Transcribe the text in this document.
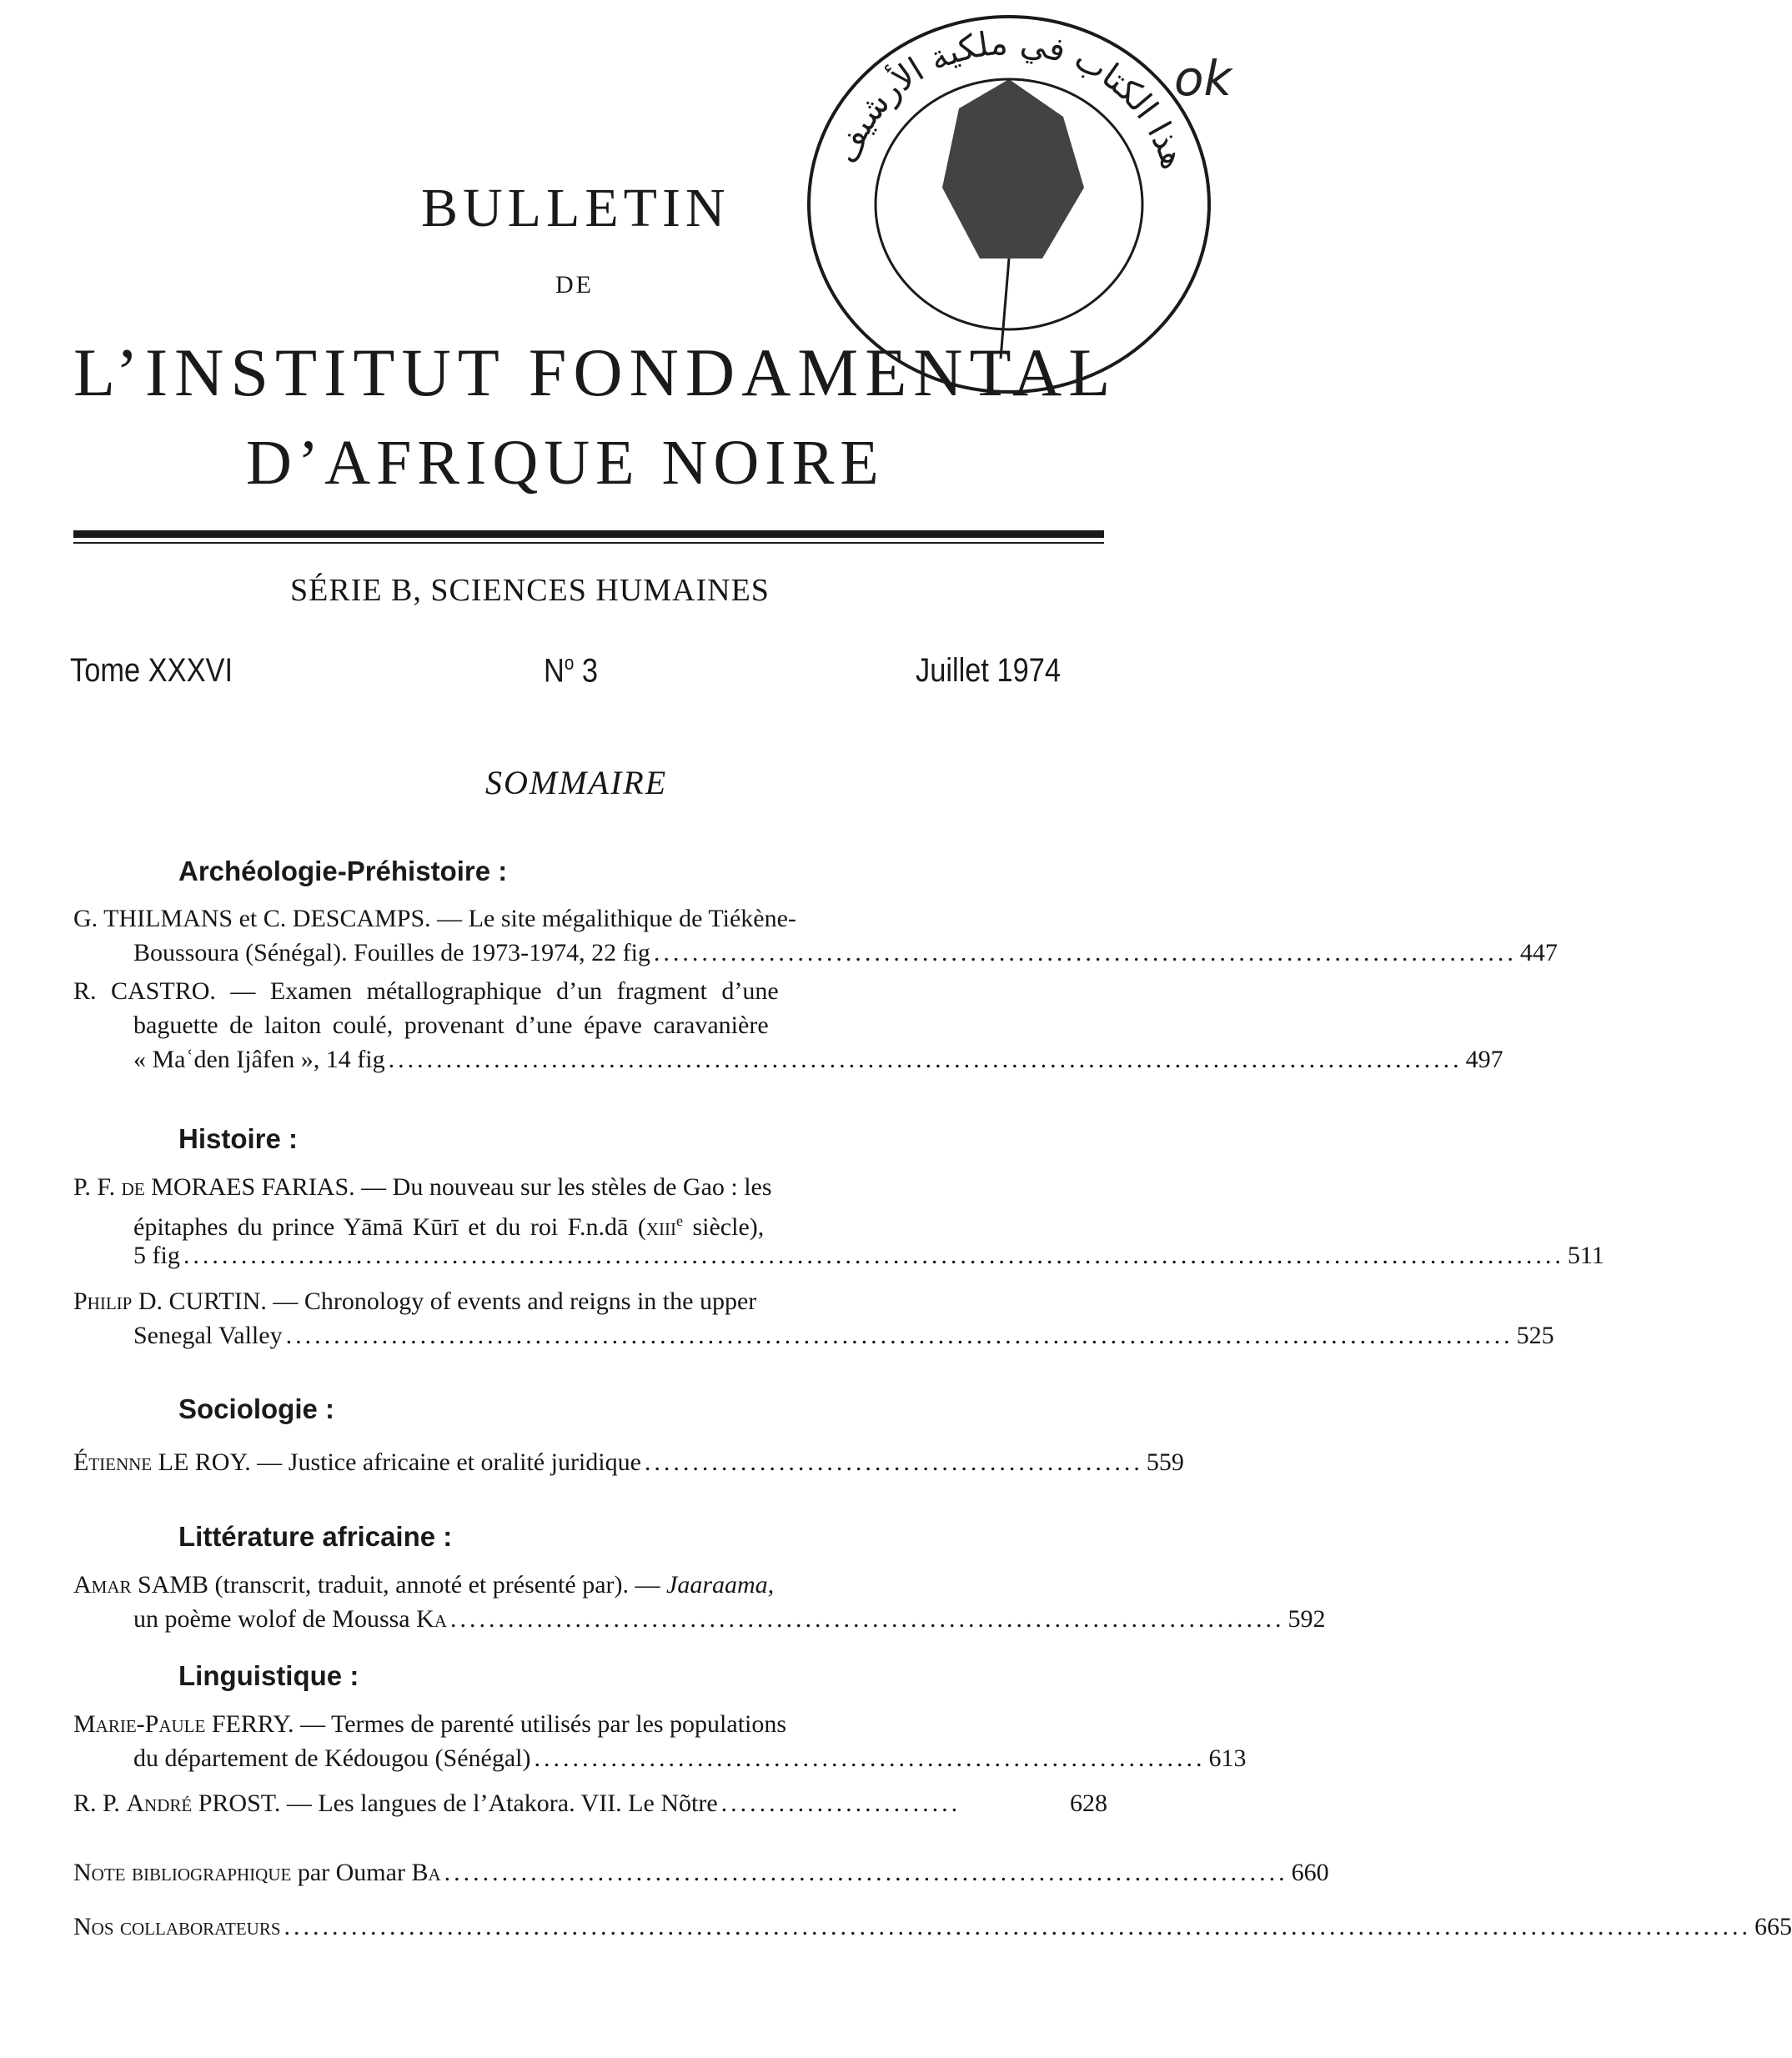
هذا الكتاب في ملكية الأرشيف
ok
BULLETIN
DE
L’INSTITUT FONDAMENTAL
D’AFRIQUE NOIRE
SÉRIE B, SCIENCES HUMAINES
Tome XXXVI	$N^o$ 3	Juillet 1974
SOMMAIRE
Archéologie-Préhistoire :
Histoire :
Sociologie :
Littérature africaine :
Linguistique :
G. THILMANS et C. DESCAMPS. — Le site mégalithique de Tiékène-
Boussoura (Sénégal). Fouilles de 1973-1974, 22 fig .......................................................................................... 447
R. CASTRO. — Examen métallographique d’un fragment d’une
baguette de laiton coulé, provenant d’une épave caravanière
« Maʿden Ijâfen », 14 fig ................................................................................................................ 497
P. F. de MORAES FARIAS. — Du nouveau sur les stèles de Gao : les
épitaphes du prince Yāmā Kūrī et du roi F.n.dā (xiii$^e$ siècle),
5 fig ................................................................................................................................................ 511
Philip D. CURTIN. — Chronology of events and reigns in the upper
Senegal Valley ................................................................................................................................ 525
Étienne LE ROY. — Justice africaine et oralité juridique .................................................... 559
Amar SAMB (transcrit, traduit, annoté et présenté par). — Jaaraama,
un poème wolof de Moussa Ka ....................................................................................... 592
Marie-Paule FERRY. — Termes de parenté utilisés par les populations
du département de Kédougou (Sénégal) ...................................................................... 613
R. P. André PROST. — Les langues de l’Atakora. VII. Le Nõtre .........................	628
Note bibliographique par Oumar Ba ........................................................................................ 660
Nos collaborateurs ......................................................................................................................................................... 665
